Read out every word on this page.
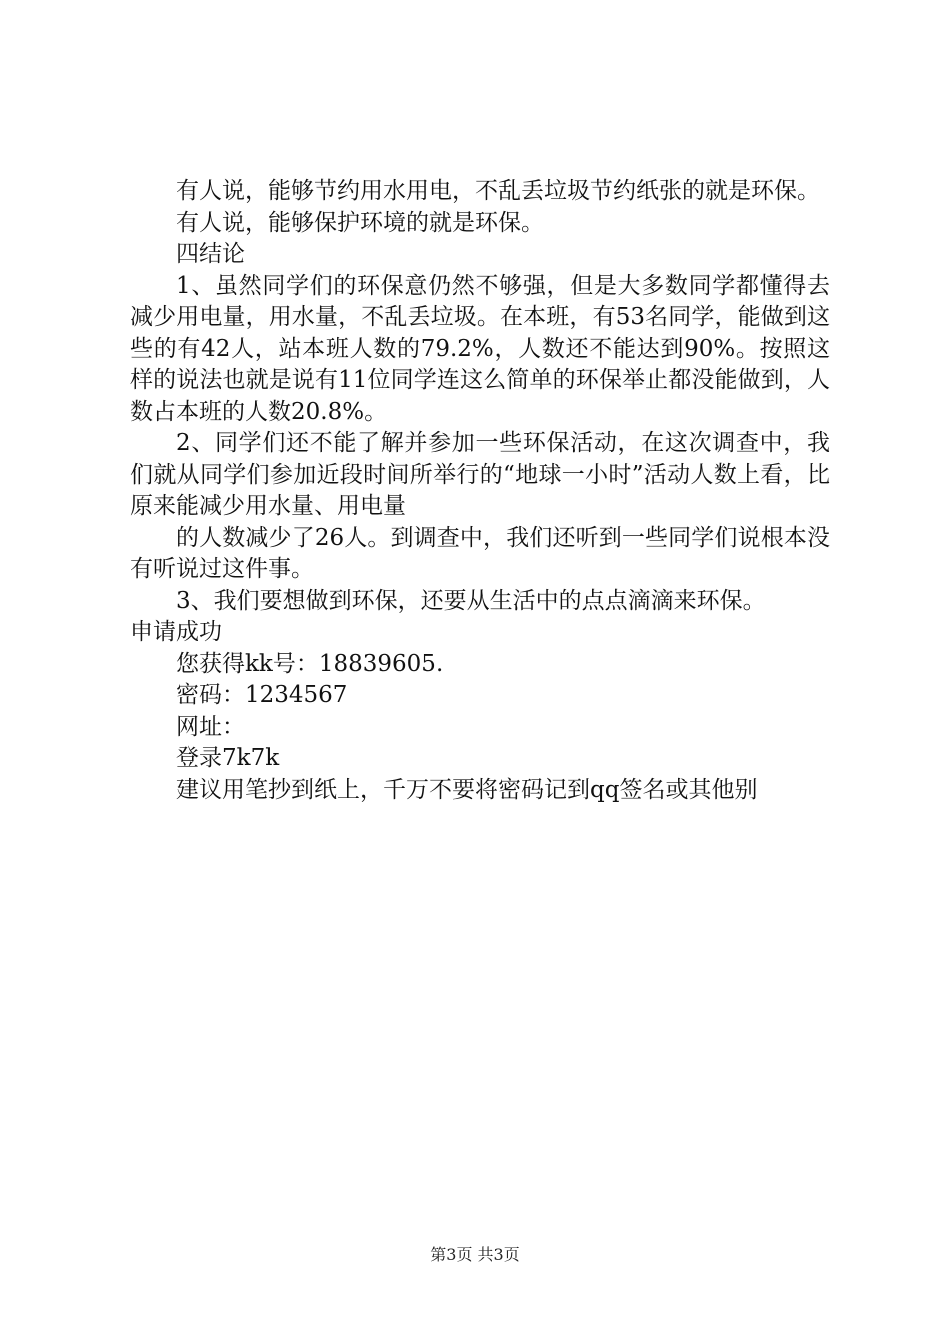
有人说，能够节约用水用电，不乱丢垃圾节约纸张的就是环保。

有人说，能够保护环境的就是环保。

四结论

1、虽然同学们的环保意仍然不够强，但是大多数同学都懂得去减少用电量，用水量，不乱丢垃圾。在本班，有53名同学，能做到这些的有42人，站本班人数的79.2%，人数还不能达到90%。按照这样的说法也就是说有11位同学连这么简单的环保举止都没能做到，人数占本班的人数20.8%。

2、同学们还不能了解并参加一些环保活动，在这次调查中，我们就从同学们参加近段时间所举行的“地球一小时”活动人数上看，比原来能减少用水量、用电量

的人数减少了26人。到调查中，我们还听到一些同学们说根本没有听说过这件事。

3、我们要想做到环保，还要从生活中的点点滴滴来环保。

申请成功

您获得kk号：18839605.

密码：1234567

网址：

登录7k7k

建议用笔抄到纸上，千万不要将密码记到qq签名或其他别

第3页 共3页
